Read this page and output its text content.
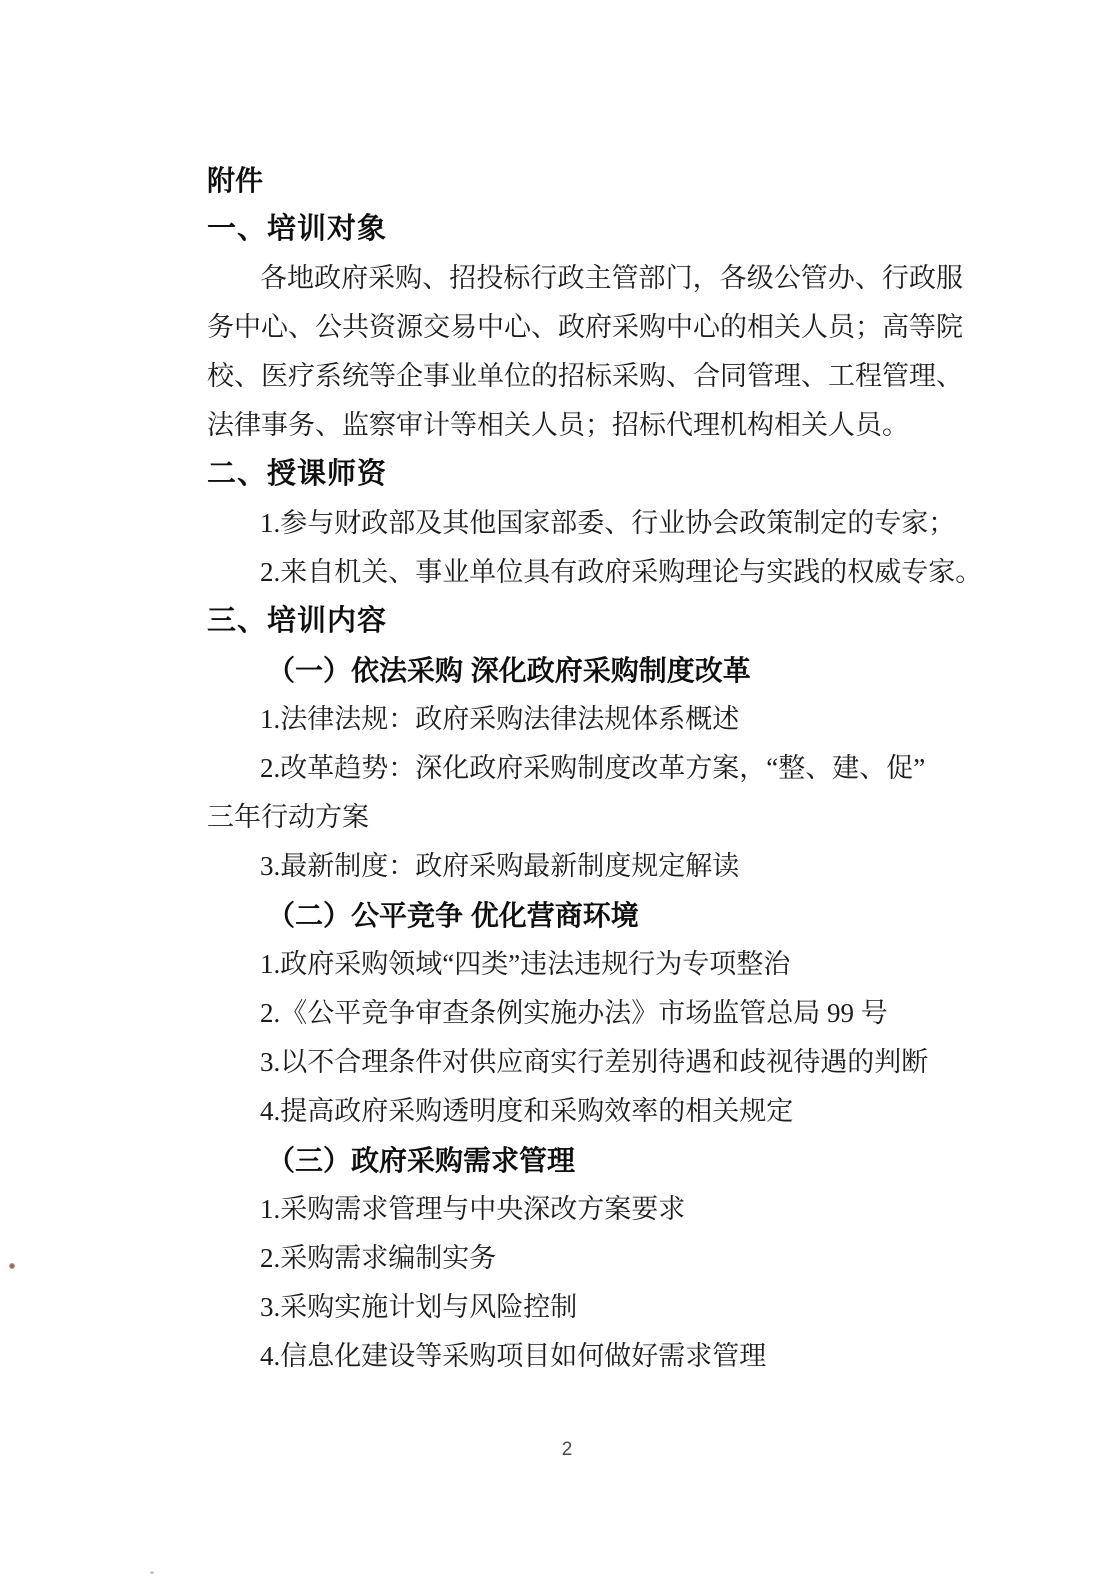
附件
一、培训对象
各地政府采购、招投标行政主管部门，各级公管办、行政服
务中心、公共资源交易中心、政府采购中心的相关人员；高等院
校、医疗系统等企事业单位的招标采购、合同管理、工程管理、
法律事务、监察审计等相关人员；招标代理机构相关人员。
二、授课师资
1.参与财政部及其他国家部委、行业协会政策制定的专家；
2.来自机关、事业单位具有政府采购理论与实践的权威专家。
三、培训内容
（一）依法采购 深化政府采购制度改革
1.法律法规：政府采购法律法规体系概述
2.改革趋势：深化政府采购制度改革方案，“整、建、促”
三年行动方案
3.最新制度：政府采购最新制度规定解读
（二）公平竞争 优化营商环境
1.政府采购领域“四类”违法违规行为专项整治
2.《公平竞争审查条例实施办法》市场监管总局 99 号
3.以不合理条件对供应商实行差别待遇和歧视待遇的判断
4.提高政府采购透明度和采购效率的相关规定
（三）政府采购需求管理
1.采购需求管理与中央深改方案要求
2.采购需求编制实务
3.采购实施计划与风险控制
4.信息化建设等采购项目如何做好需求管理
2
